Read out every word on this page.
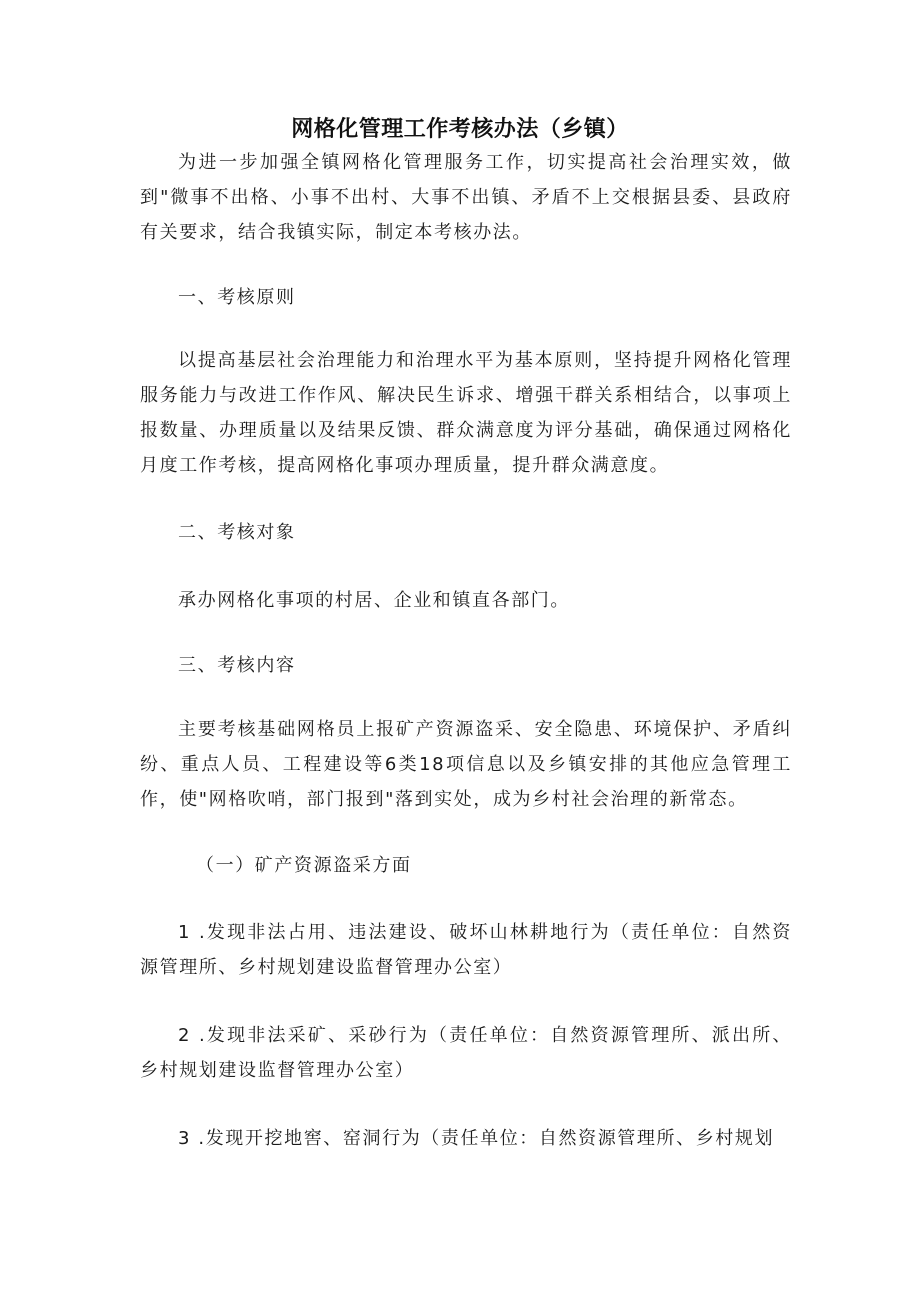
网格化管理工作考核办法（乡镇）
为进一步加强全镇网格化管理服务工作，切实提高社会治理实效，做到"微事不出格、小事不出村、大事不出镇、矛盾不上交根据县委、县政府有关要求，结合我镇实际，制定本考核办法。
一、考核原则
以提高基层社会治理能力和治理水平为基本原则，坚持提升网格化管理服务能力与改进工作作风、解决民生诉求、增强干群关系相结合，以事项上报数量、办理质量以及结果反馈、群众满意度为评分基础，确保通过网格化月度工作考核，提高网格化事项办理质量，提升群众满意度。
二、考核对象
承办网格化事项的村居、企业和镇直各部门。
三、考核内容
主要考核基础网格员上报矿产资源盗采、安全隐患、环境保护、矛盾纠纷、重点人员、工程建设等6类18项信息以及乡镇安排的其他应急管理工作，使"网格吹哨，部门报到"落到实处，成为乡村社会治理的新常态。
（一）矿产资源盗采方面
1 .发现非法占用、违法建设、破坏山林耕地行为（责任单位：自然资源管理所、乡村规划建设监督管理办公室）
2 .发现非法采矿、采砂行为（责任单位：自然资源管理所、派出所、乡村规划建设监督管理办公室）
3 .发现开挖地窖、窑洞行为（责任单位：自然资源管理所、乡村规划
